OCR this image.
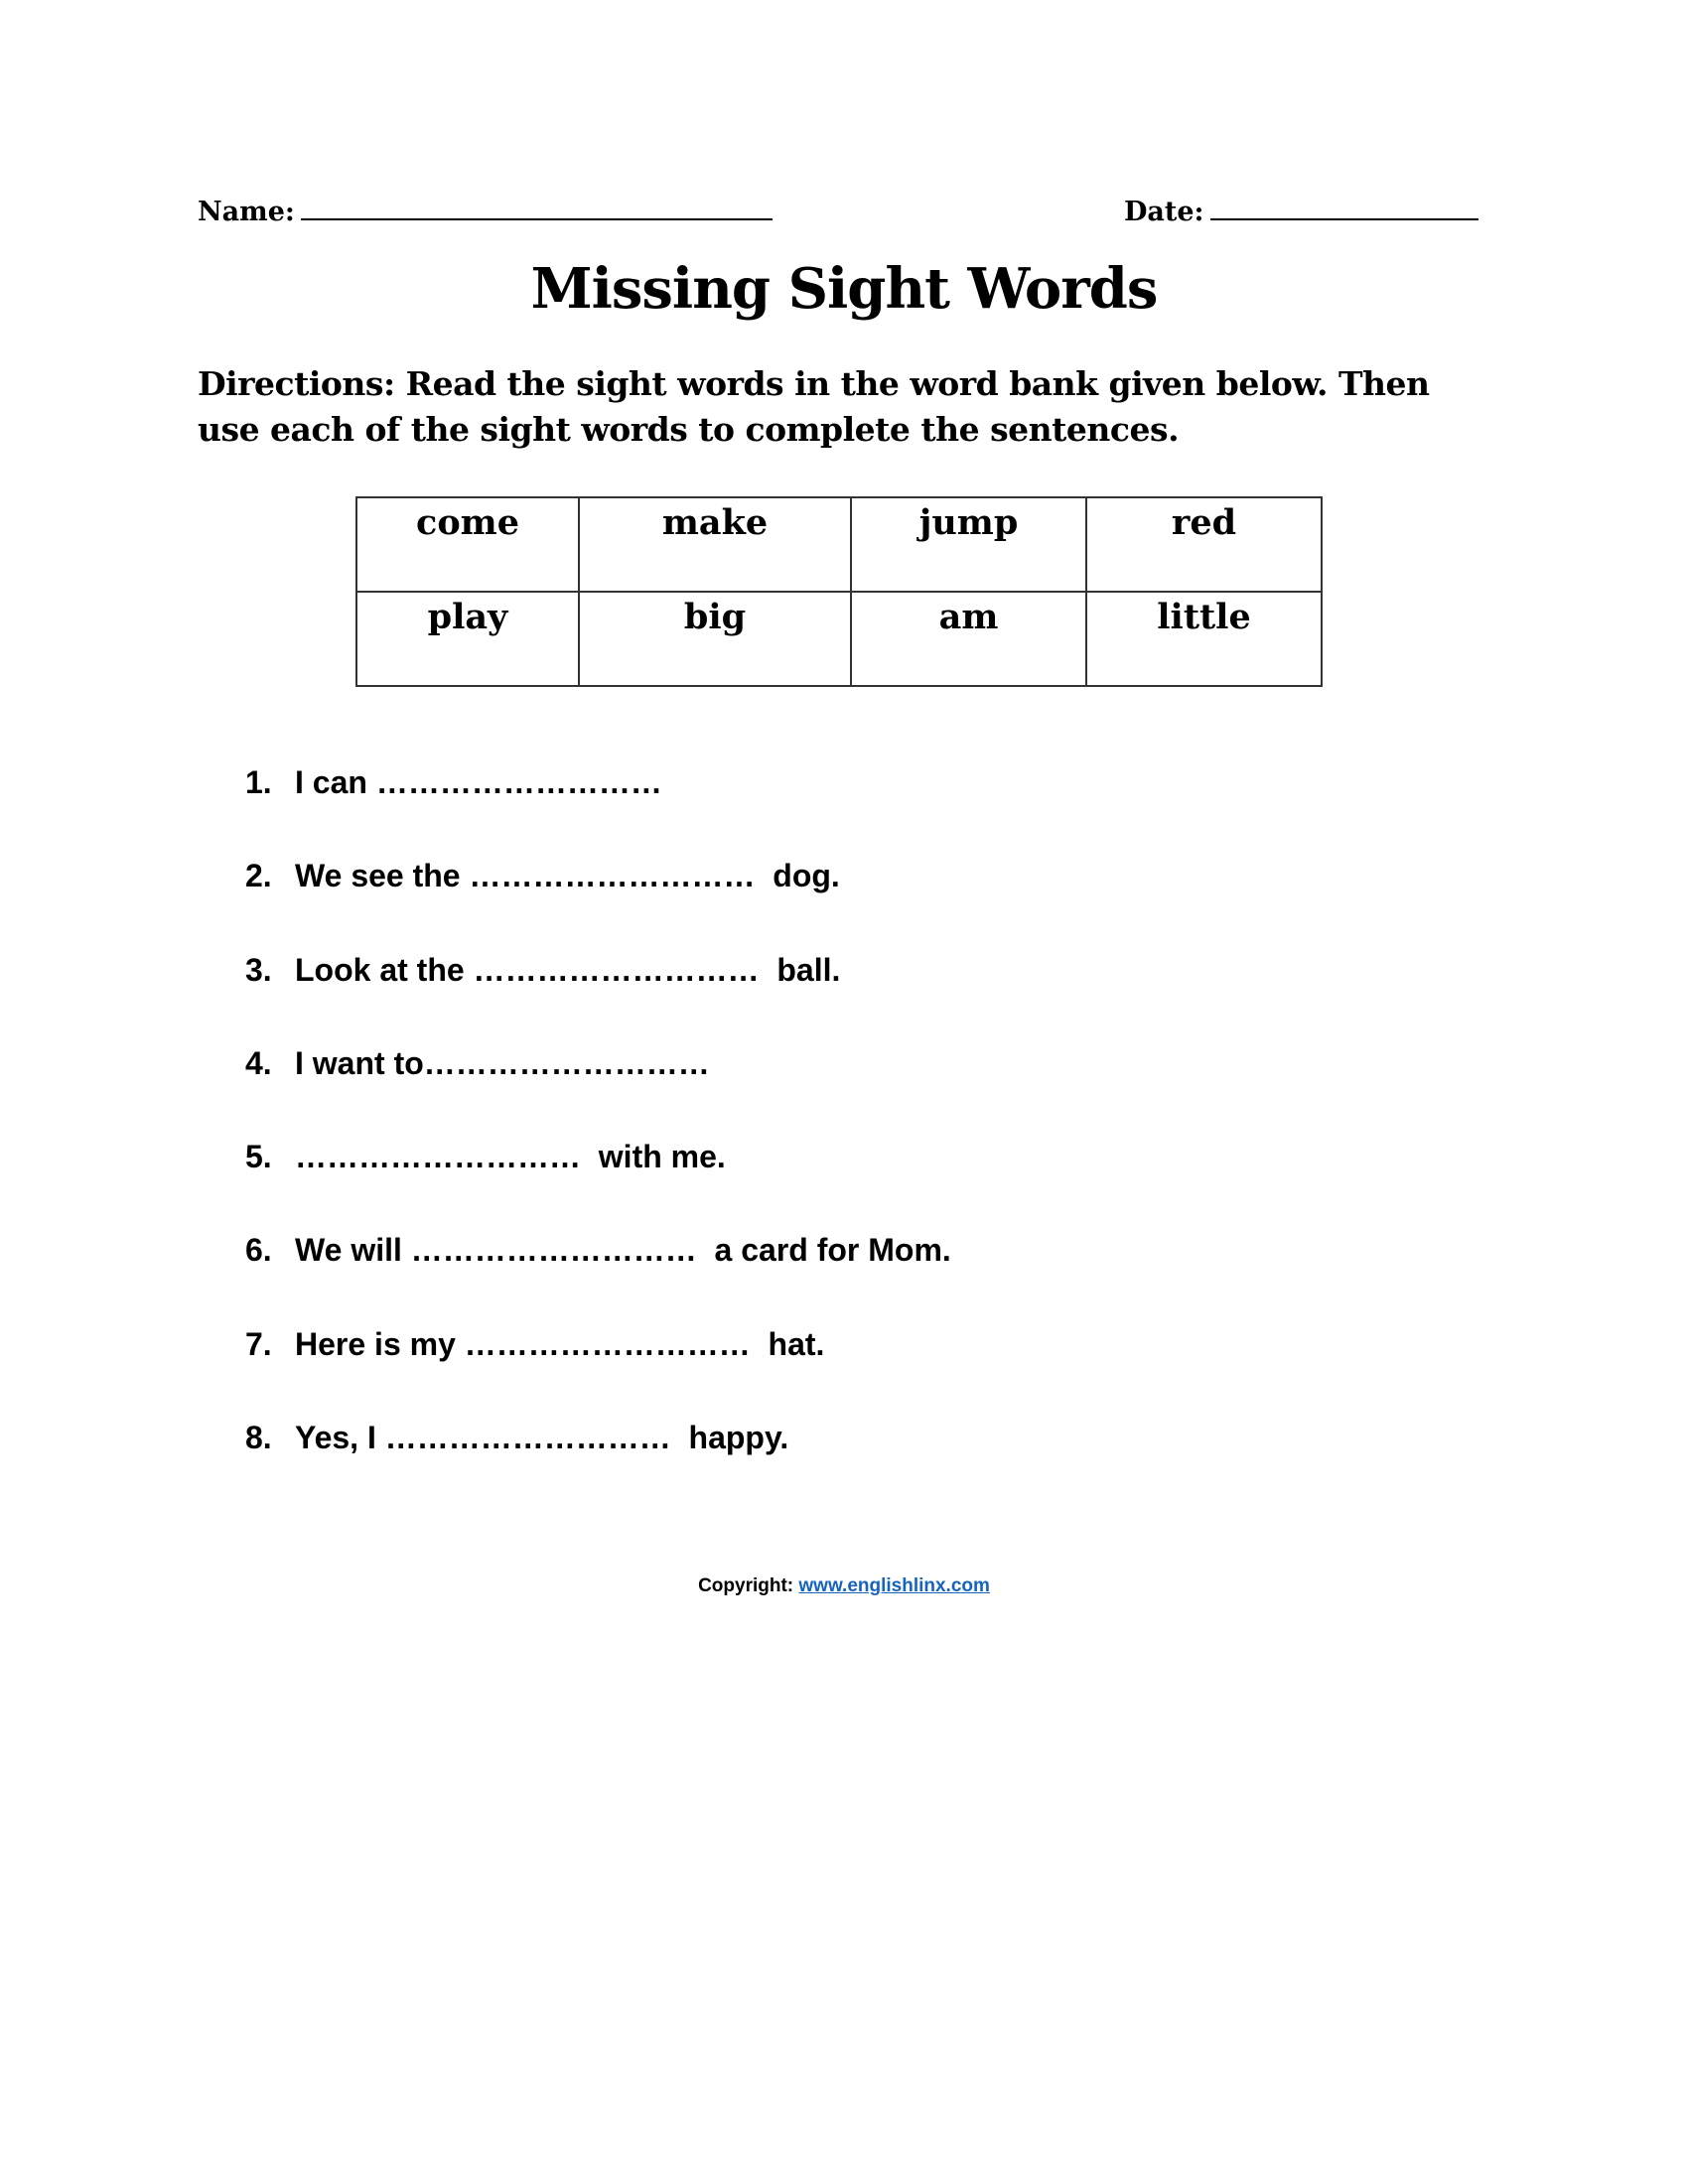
Name:	Date:
Missing Sight Words
Directions: Read the sight words in the word bank given below. Then use each of the sight words to complete the sentences.
come	make	jump	red
play	big	am	little
1. I can ………………………
2. We see the ………………………  dog.
3. Look at the ………………………  ball.
4. I want to………………………
5. ………………………  with me.
6. We will ………………………  a card for Mom.
7. Here is my ………………………  hat.
8. Yes, I ………………………  happy.
Copyright: www.englishlinx.com
